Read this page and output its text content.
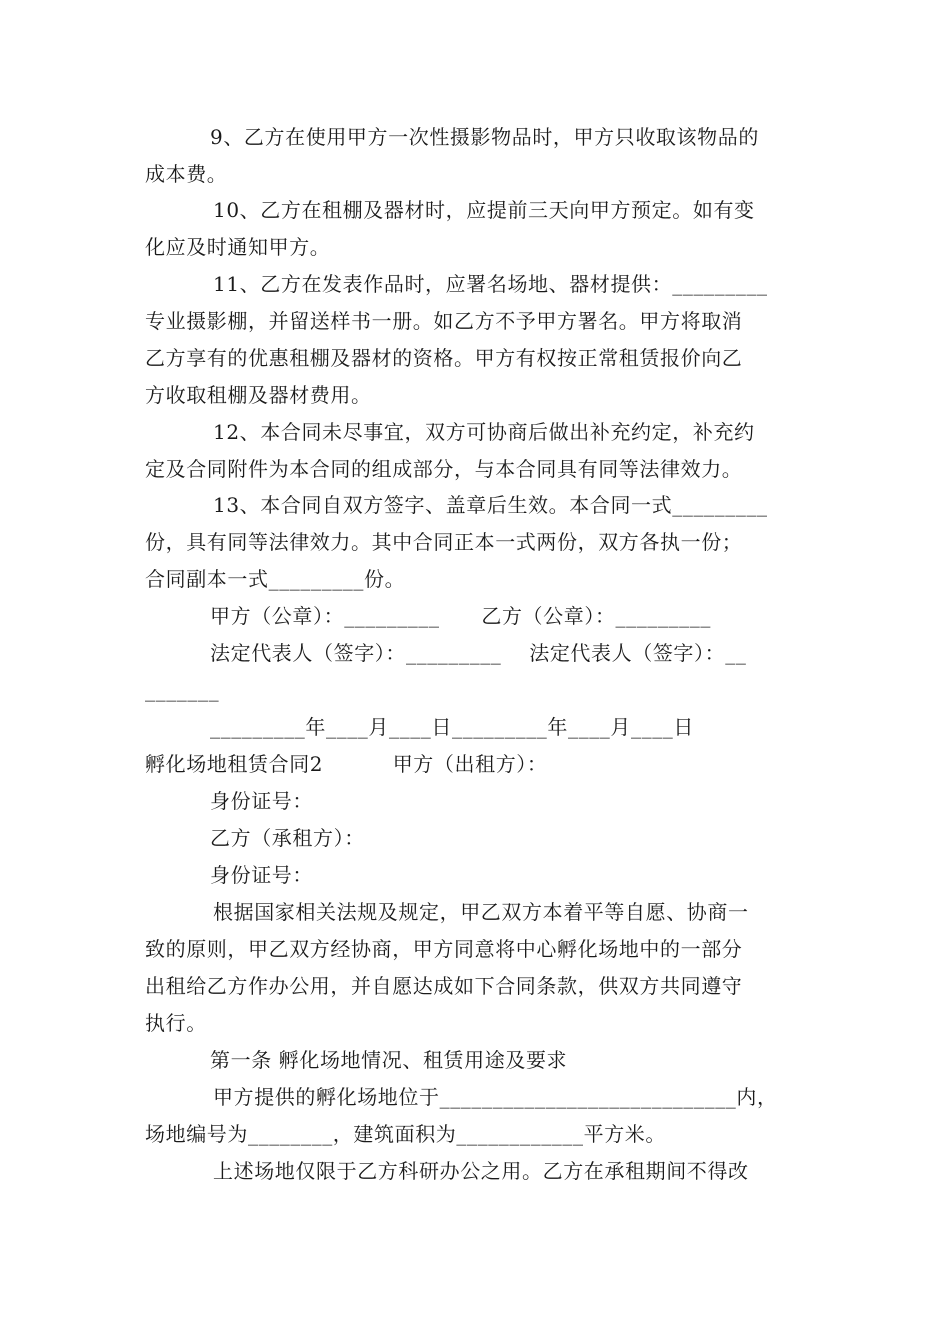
9、乙方在使用甲方一次性摄影物品时，甲方只收取该物品的
成本费。
10、乙方在租棚及器材时，应提前三天向甲方预定。如有变
化应及时通知甲方。
11、乙方在发表作品时，应署名场地、器材提供：_________
专业摄影棚，并留送样书一册。如乙方不予甲方署名。甲方将取消
乙方享有的优惠租棚及器材的资格。甲方有权按正常租赁报价向乙
方收取租棚及器材费用。
12、本合同未尽事宜，双方可协商后做出补充约定，补充约
定及合同附件为本合同的组成部分，与本合同具有同等法律效力。
13、本合同自双方签字、盖章后生效。本合同一式_________
份，具有同等法律效力。其中合同正本一式两份，双方各执一份；
合同副本一式_________份。
甲方（公章）：_________      乙方（公章）：_________
法定代表人（签字）：_________    法定代表人（签字）：__
_______
_________年____月____日_________年____月____日
孵化场地租赁合同2          甲方（出租方）：
身份证号：
乙方（承租方）：
身份证号：
根据国家相关法规及规定，甲乙双方本着平等自愿、协商一
致的原则，甲乙双方经协商，甲方同意将中心孵化场地中的一部分
出租给乙方作办公用，并自愿达成如下合同条款，供双方共同遵守
执行。
第一条 孵化场地情况、租赁用途及要求
甲方提供的孵化场地位于____________________________内，
场地编号为________，建筑面积为____________平方米。
上述场地仅限于乙方科研办公之用。乙方在承租期间不得改
